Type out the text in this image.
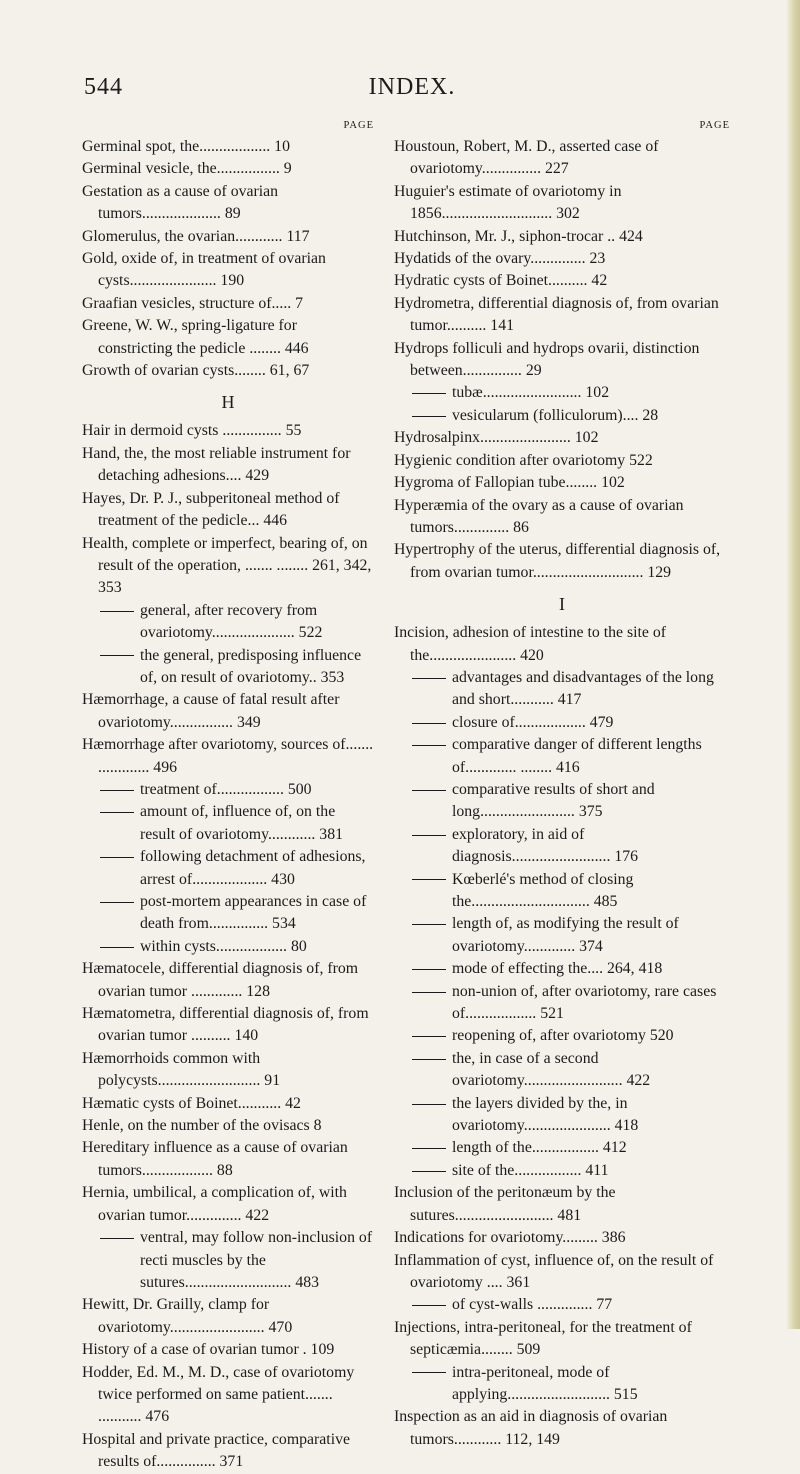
544	INDEX.
PAGE

Germinal spot, the.................. 10

Germinal vesicle, the................ 9

Gestation as a cause of ovarian tumors.................... 89

Glomerulus, the ovarian............ 117

Gold, oxide of, in treatment of ovarian cysts...................... 190

Graafian vesicles, structure of..... 7

Greene, W. W., spring-ligature for constricting the pedicle ........ 446

Growth of ovarian cysts........ 61, 67

H

Hair in dermoid cysts ............... 55

Hand, the, the most reliable instrument for detaching adhesions.... 429

Hayes, Dr. P. J., subperitoneal method of treatment of the pedicle... 446

Health, complete or imperfect, bearing of, on result of the operation, ....... ........ 261, 342, 353

general, after recovery from ovariotomy..................... 522

the general, predisposing influence of, on result of ovariotomy.. 353

Hæmorrhage, a cause of fatal result after ovariotomy................ 349

Hæmorrhage after ovariotomy, sources of....... ............. 496

treatment of................. 500

amount of, influence of, on the result of ovariotomy............ 381

following detachment of adhesions, arrest of................... 430

post-mortem appearances in case of death from............... 534

within cysts.................. 80

Hæmatocele, differential diagnosis of, from ovarian tumor ............. 128

Hæmatometra, differential diagnosis of, from ovarian tumor .......... 140

Hæmorrhoids common with polycysts.......................... 91

Hæmatic cysts of Boinet........... 42

Henle, on the number of the ovisacs 8

Hereditary influence as a cause of ovarian tumors.................. 88

Hernia, umbilical, a complication of, with ovarian tumor.............. 422

ventral, may follow non-inclusion of recti muscles by the sutures........................... 483

Hewitt, Dr. Grailly, clamp for ovariotomy........................ 470

History of a case of ovarian tumor . 109

Hodder, Ed. M., M. D., case of ovariotomy twice performed on same patient....... ........... 476

Hospital and private practice, comparative results of............... 371

PAGE

Houstoun, Robert, M. D., asserted case of ovariotomy............... 227

Huguier's estimate of ovariotomy in 1856............................ 302

Hutchinson, Mr. J., siphon-trocar .. 424

Hydatids of the ovary.............. 23

Hydratic cysts of Boinet.......... 42

Hydrometra, differential diagnosis of, from ovarian tumor.......... 141

Hydrops folliculi and hydrops ovarii, distinction between............... 29

tubæ......................... 102

vesicularum (folliculorum).... 28

Hydrosalpinx....................... 102

Hygienic condition after ovariotomy 522

Hygroma of Fallopian tube........ 102

Hyperæmia of the ovary as a cause of ovarian tumors.............. 86

Hypertrophy of the uterus, differential diagnosis of, from ovarian tumor............................ 129

I

Incision, adhesion of intestine to the site of the...................... 420

advantages and disadvantages of the long and short........... 417

closure of.................. 479

comparative danger of different lengths of............. ........ 416

comparative results of short and long........................ 375

exploratory, in aid of diagnosis......................... 176

Kœberlé's method of closing the.............................. 485

length of, as modifying the result of ovariotomy............. 374

mode of effecting the.... 264, 418

non-union of, after ovariotomy, rare cases of.................. 521

reopening of, after ovariotomy 520

the, in case of a second ovariotomy......................... 422

the layers divided by the, in ovariotomy...................... 418

length of the................. 412

site of the................. 411

Inclusion of the peritonæum by the sutures......................... 481

Indications for ovariotomy......... 386

Inflammation of cyst, influence of, on the result of ovariotomy .... 361

of cyst-walls .............. 77

Injections, intra-peritoneal, for the treatment of septicæmia........ 509

intra-peritoneal, mode of applying.......................... 515

Inspection as an aid in diagnosis of ovarian tumors............ 112, 149
